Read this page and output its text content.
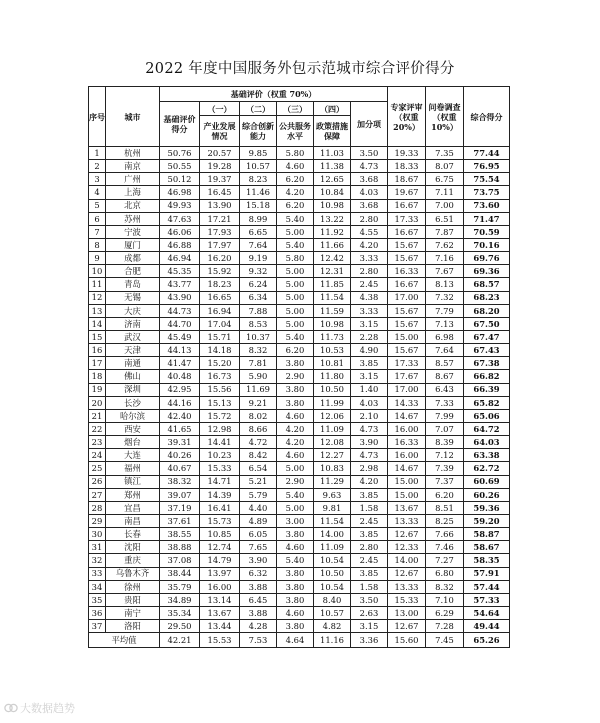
2022 年度中国服务外包示范城市综合评价得分
序号	城市	基础评价（权重 70%）						专家评审（权重 20%）	问卷调查（权重 10%）	综合得分
		基础评价得分	（一）	（二）	（三）	（四）	加分项			
			产业发展情况	综合创新能力	公共服务水平	政策措施保障				
1	杭州	50.76	20.57	9.85	5.80	11.03	3.50	19.33	7.35	77.44
2	南京	50.55	19.28	10.57	4.60	11.38	4.73	18.33	8.07	76.95
3	广州	50.12	19.37	8.23	6.20	12.65	3.68	18.67	6.75	75.54
4	上海	46.98	16.45	11.46	4.20	10.84	4.03	19.67	7.11	73.75
5	北京	49.93	13.90	15.18	6.20	10.98	3.68	16.67	7.00	73.60
6	苏州	47.63	17.21	8.99	5.40	13.22	2.80	17.33	6.51	71.47
7	宁波	46.06	17.93	6.65	5.00	11.92	4.55	16.67	7.87	70.59
8	厦门	46.88	17.97	7.64	5.40	11.66	4.20	15.67	7.62	70.16
9	成都	46.94	16.20	9.19	5.80	12.42	3.33	15.67	7.16	69.76
10	合肥	45.35	15.92	9.32	5.00	12.31	2.80	16.33	7.67	69.36
11	青岛	43.77	18.23	6.24	5.00	11.85	2.45	16.67	8.13	68.57
12	无锡	43.90	16.65	6.34	5.00	11.54	4.38	17.00	7.32	68.23
13	大庆	44.73	16.94	7.88	5.00	11.59	3.33	15.67	7.79	68.20
14	济南	44.70	17.04	8.53	5.00	10.98	3.15	15.67	7.13	67.50
15	武汉	45.49	15.71	10.37	5.40	11.73	2.28	15.00	6.98	67.47
16	天津	44.13	14.18	8.32	6.20	10.53	4.90	15.67	7.64	67.43
17	南通	41.47	15.20	7.81	3.80	10.81	3.85	17.33	8.57	67.38
18	佛山	40.48	16.73	5.90	2.90	11.80	3.15	17.67	8.67	66.82
19	深圳	42.95	15.56	11.69	3.80	10.50	1.40	17.00	6.43	66.39
20	长沙	44.16	15.13	9.21	3.80	11.99	4.03	14.33	7.33	65.82
21	哈尔滨	42.40	15.72	8.02	4.60	12.06	2.10	14.67	7.99	65.06
22	西安	41.65	12.98	8.66	4.20	11.09	4.73	16.00	7.07	64.72
23	烟台	39.31	14.41	4.72	4.20	12.08	3.90	16.33	8.39	64.03
24	大连	40.26	10.23	8.42	4.60	12.27	4.73	16.00	7.12	63.38
25	福州	40.67	15.33	6.54	5.00	10.83	2.98	14.67	7.39	62.72
26	镇江	38.32	14.71	5.21	2.90	11.29	4.20	15.00	7.37	60.69
27	郑州	39.07	14.39	5.79	5.40	9.63	3.85	15.00	6.20	60.26
28	宜昌	37.19	16.41	4.40	5.00	9.81	1.58	13.67	8.51	59.36
29	南昌	37.61	15.73	4.89	3.00	11.54	2.45	13.33	8.25	59.20
30	长春	38.55	10.85	6.05	3.80	14.00	3.85	12.67	7.66	58.87
31	沈阳	38.88	12.74	7.65	4.60	11.09	2.80	12.33	7.46	58.67
32	重庆	37.08	14.79	3.90	5.40	10.54	2.45	14.00	7.27	58.35
33	乌鲁木齐	38.44	13.97	6.32	3.80	10.50	3.85	12.67	6.80	57.91
34	徐州	35.79	16.00	3.88	3.80	10.54	1.58	13.33	8.32	57.44
35	贵阳	34.89	13.14	6.45	3.80	8.40	3.50	15.33	7.10	57.33
36	南宁	35.34	13.67	3.88	4.60	10.57	2.63	13.00	6.29	54.64
37	洛阳	29.50	13.44	4.28	3.80	4.82	3.15	12.67	7.28	49.44
平均值		42.21	15.53	7.53	4.64	11.16	3.36	15.60	7.45	65.26
大数据趋势
